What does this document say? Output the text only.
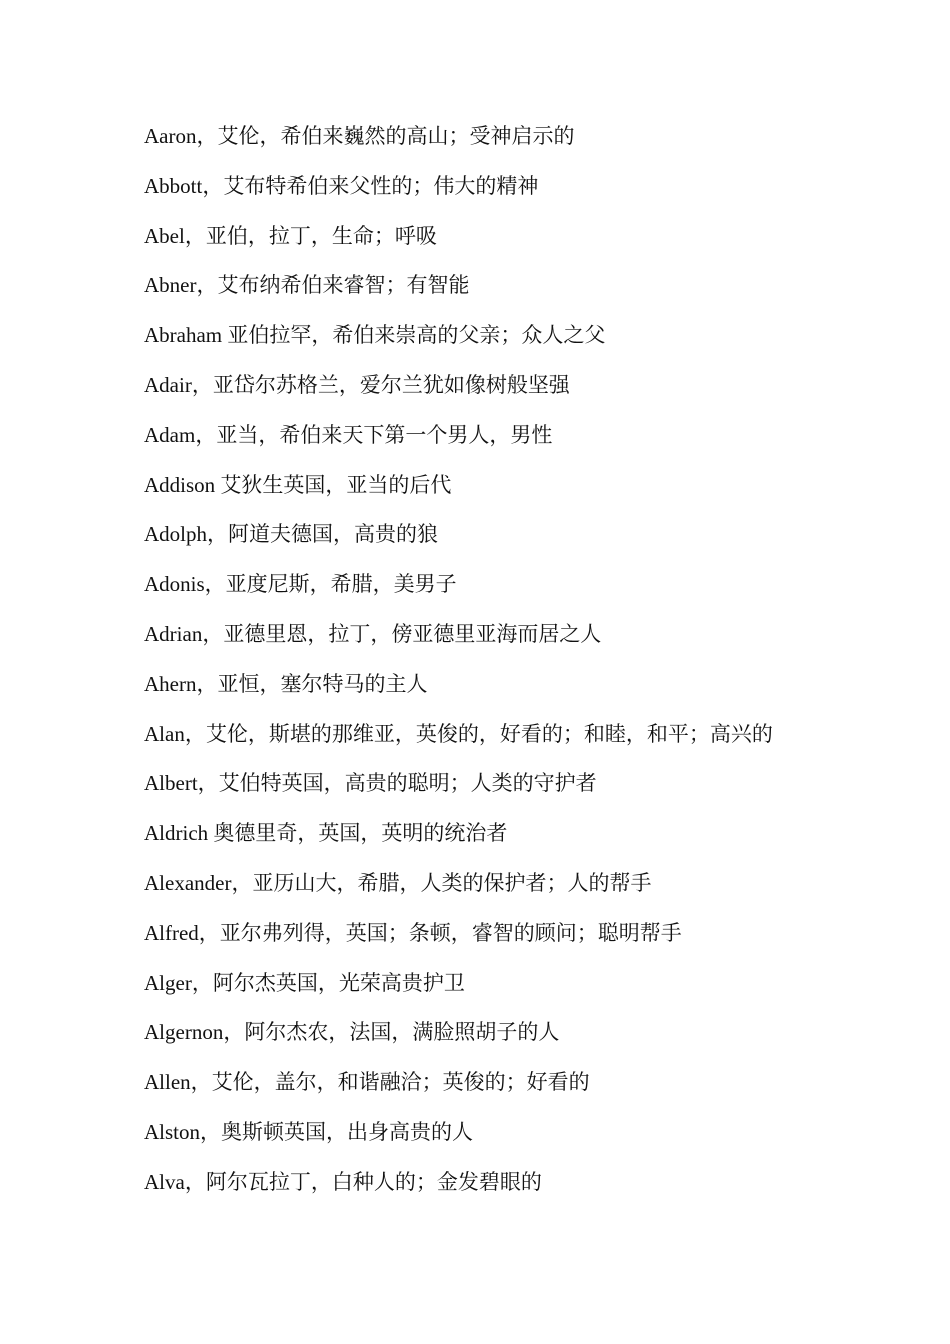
Aaron，艾伦，希伯来巍然的高山；受神启示的
Abbott，艾布特希伯来父性的；伟大的精神
Abel，亚伯，拉丁，生命；呼吸
Abner，艾布纳希伯来睿智；有智能
Abraham 亚伯拉罕，希伯来崇高的父亲；众人之父
Adair，亚岱尔苏格兰，爱尔兰犹如像树般坚强
Adam，亚当，希伯来天下第一个男人，男性
Addison 艾狄生英国，亚当的后代
Adolph，阿道夫德国，高贵的狼
Adonis，亚度尼斯，希腊，美男子
Adrian，亚德里恩，拉丁，傍亚德里亚海而居之人
Ahern，亚恒，塞尔特马的主人
Alan，艾伦，斯堪的那维亚，英俊的，好看的；和睦，和平；高兴的
Albert，艾伯特英国，高贵的聪明；人类的守护者
Aldrich 奥德里奇，英国，英明的统治者
Alexander，亚历山大，希腊，人类的保护者；人的帮手
Alfred，亚尔弗列得，英国；条顿，睿智的顾问；聪明帮手
Alger，阿尔杰英国，光荣高贵护卫
Algernon，阿尔杰农，法国，满脸照胡子的人
Allen，艾伦，盖尔，和谐融洽；英俊的；好看的
Alston，奥斯顿英国，出身高贵的人
Alva，阿尔瓦拉丁，白种人的；金发碧眼的
